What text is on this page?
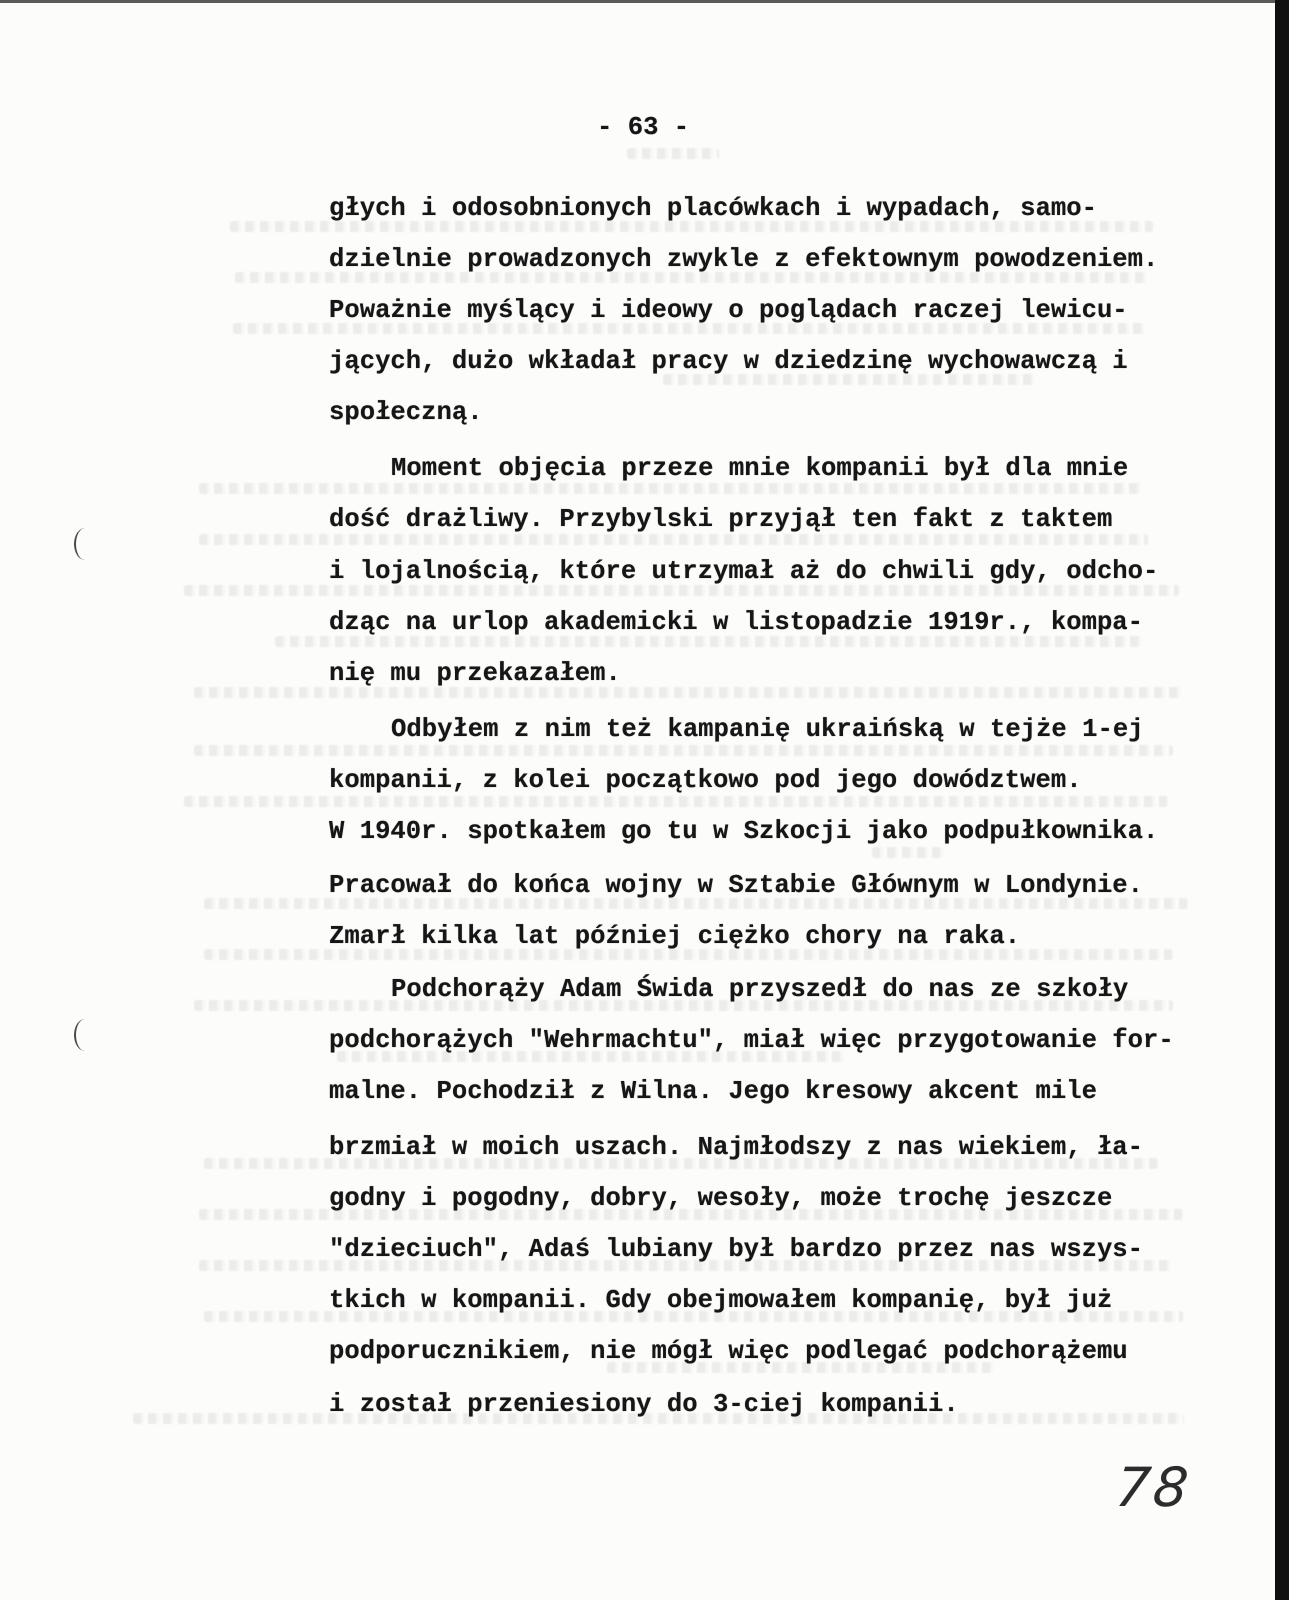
- 63 -
głych i odosobnionych placówkach i wypadach, samo-
dzielnie prowadzonych zwykle z efektownym powodzeniem.
Poważnie myślący i ideowy o poglądach raczej lewicu-
jących, dużo wkładał pracy w dziedzinę wychowawczą i
społeczną.
Moment objęcia przeze mnie kompanii był dla mnie
dość drażliwy. Przybylski przyjął ten fakt z taktem
i lojalnością, które utrzymał aż do chwili gdy, odcho-
dząc na urlop akademicki w listopadzie 1919r., kompa-
nię mu przekazałem.
Odbyłem z nim też kampanię ukraińską w tejże 1-ej
kompanii, z kolei początkowo pod jego dowództwem.
W 1940r. spotkałem go tu w Szkocji jako podpułkownika.
Pracował do końca wojny w Sztabie Głównym w Londynie.
Zmarł kilka lat później ciężko chory na raka.
Podchorąży Adam Świda przyszedł do nas ze szkoły
podchorążych "Wehrmachtu", miał więc przygotowanie for-
malne. Pochodził z Wilna. Jego kresowy akcent mile
brzmiał w moich uszach. Najmłodszy z nas wiekiem, ła-
godny i pogodny, dobry, wesoły, może trochę jeszcze
"dzieciuch", Adaś lubiany był bardzo przez nas wszys-
tkich w kompanii. Gdy obejmowałem kompanię, był już
podporucznikiem, nie mógł więc podlegać podchorążemu
i został przeniesiony do 3-ciej kompanii.
78
